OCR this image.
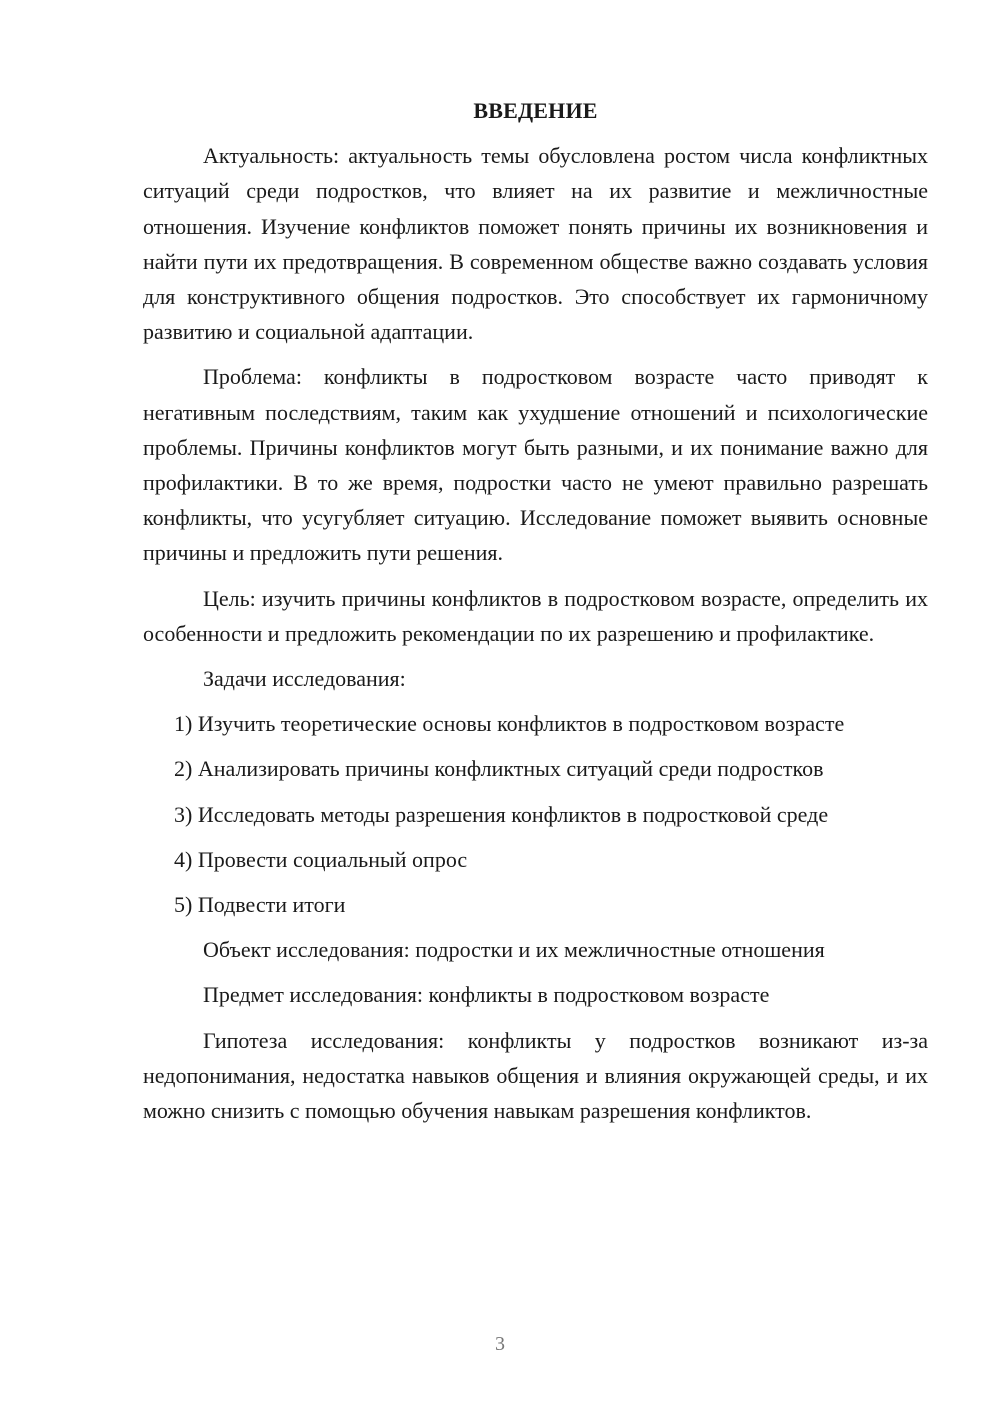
ВВЕДЕНИЕ

Актуальность: актуальность темы обусловлена ростом числа конфликтных ситуаций среди подростков, что влияет на их развитие и межличностные отношения. Изучение конфликтов поможет понять причины их возникновения и найти пути их предотвращения. В современном обществе важно создавать условия для конструктивного общения подростков. Это способствует их гармоничному развитию и социальной адаптации.

Проблема: конфликты в подростковом возрасте часто приводят к негативным последствиям, таким как ухудшение отношений и психологические проблемы. Причины конфликтов могут быть разными, и их понимание важно для профилактики. В то же время, подростки часто не умеют правильно разрешать конфликты, что усугубляет ситуацию. Исследование поможет выявить основные причины и предложить пути решения.

Цель: изучить причины конфликтов в подростковом возрасте, определить их особенности и предложить рекомендации по их разрешению и профилактике.

Задачи исследования:

1) Изучить теоретические основы конфликтов в подростковом возрасте

2) Анализировать причины конфликтных ситуаций среди подростков

3) Исследовать методы разрешения конфликтов в подростковой среде

4) Провести социальный опрос

5) Подвести итоги

Объект исследования: подростки и их межличностные отношения

Предмет исследования: конфликты в подростковом возрасте

Гипотеза исследования: конфликты у подростков возникают из-за недопонимания, недостатка навыков общения и влияния окружающей среды, и их можно снизить с помощью обучения навыкам разрешения конфликтов.

3
